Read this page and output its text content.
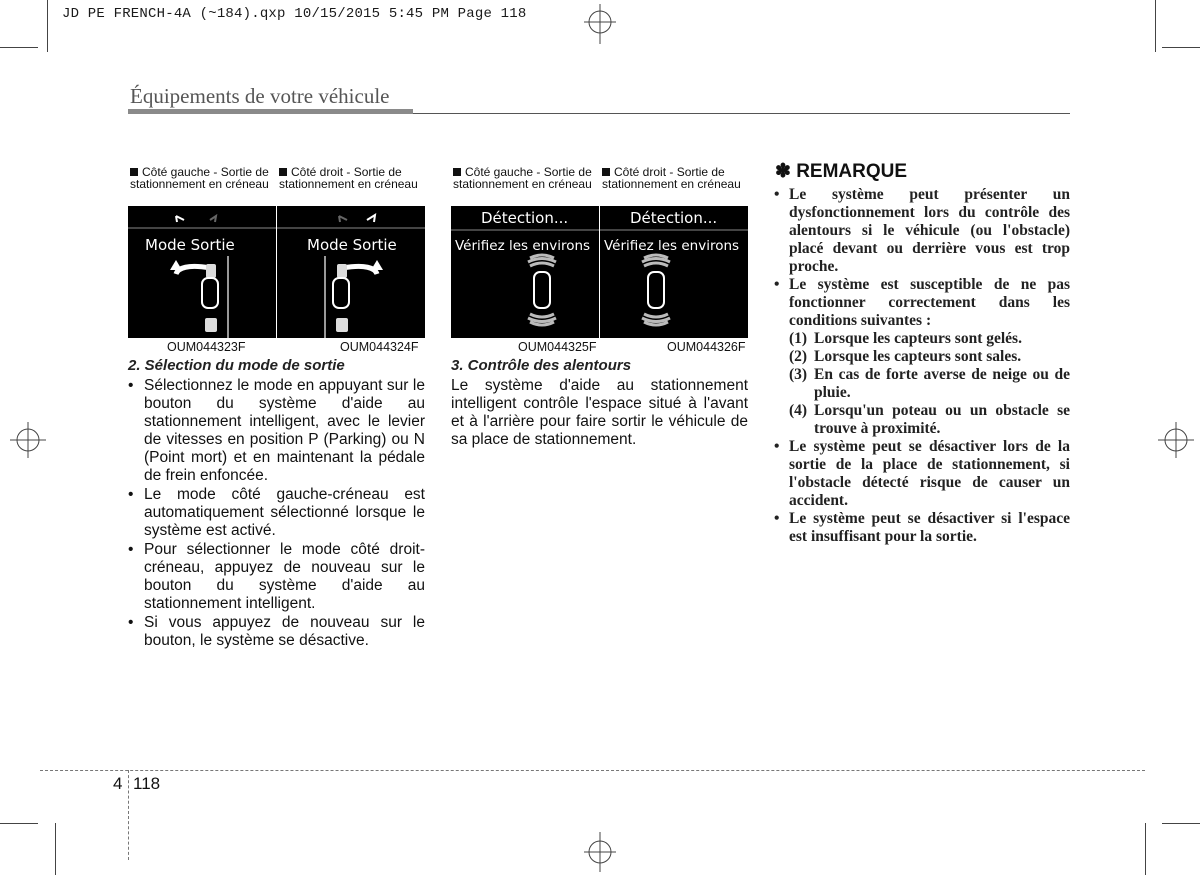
JD PE FRENCH-4A (~184).qxp 10/15/2015 5:45 PM Page 118
Équipements de votre véhicule
Côté gauche - Sortie de stationnement en créneau
Côté droit - Sortie de stationnement en créneau
Côté gauche - Sortie de stationnement en créneau
Côté droit - Sortie de stationnement en créneau
Mode Sortie	Mode Sortie
OUM044323F	OUM044324F
Détection...
Vérifiez les environs
Détection...
Vérifiez les environs
OUM044325F	OUM044326F
2. Sélection du mode de sortie
• Sélectionnez le mode en appuyant sur le bouton du système d'aide au stationnement intelligent, avec le levier de vitesses en position P (Parking) ou N (Point mort) et en maintenant la pédale de frein enfoncée.
• Le mode côté gauche-créneau est automatiquement sélectionné lorsque le système est activé.
• Pour sélectionner le mode côté droit-créneau, appuyez de nouveau sur le bouton du système d'aide au stationnement intelligent.
• Si vous appuyez de nouveau sur le bouton, le système se désactive.
3. Contrôle des alentours
Le système d'aide au stationnement intelligent contrôle l'espace situé à l'avant et à l'arrière pour faire sortir le véhicule de sa place de stationnement.
✽ REMARQUE
• Le système peut présenter un dysfonctionnement lors du contrôle des alentours si le véhicule (ou l'obstacle) placé devant ou derrière vous est trop proche.
• Le système est susceptible de ne pas fonctionner correctement dans les conditions suivantes :
(1) Lorsque les capteurs sont gelés.
(2) Lorsque les capteurs sont sales.
(3) En cas de forte averse de neige ou de pluie.
(4) Lorsqu'un poteau ou un obstacle se trouve à proximité.
• Le système peut se désactiver lors de la sortie de la place de stationnement, si l'obstacle détecté risque de causer un accident.
• Le système peut se désactiver si l'espace est insuffisant pour la sortie.
4 118
